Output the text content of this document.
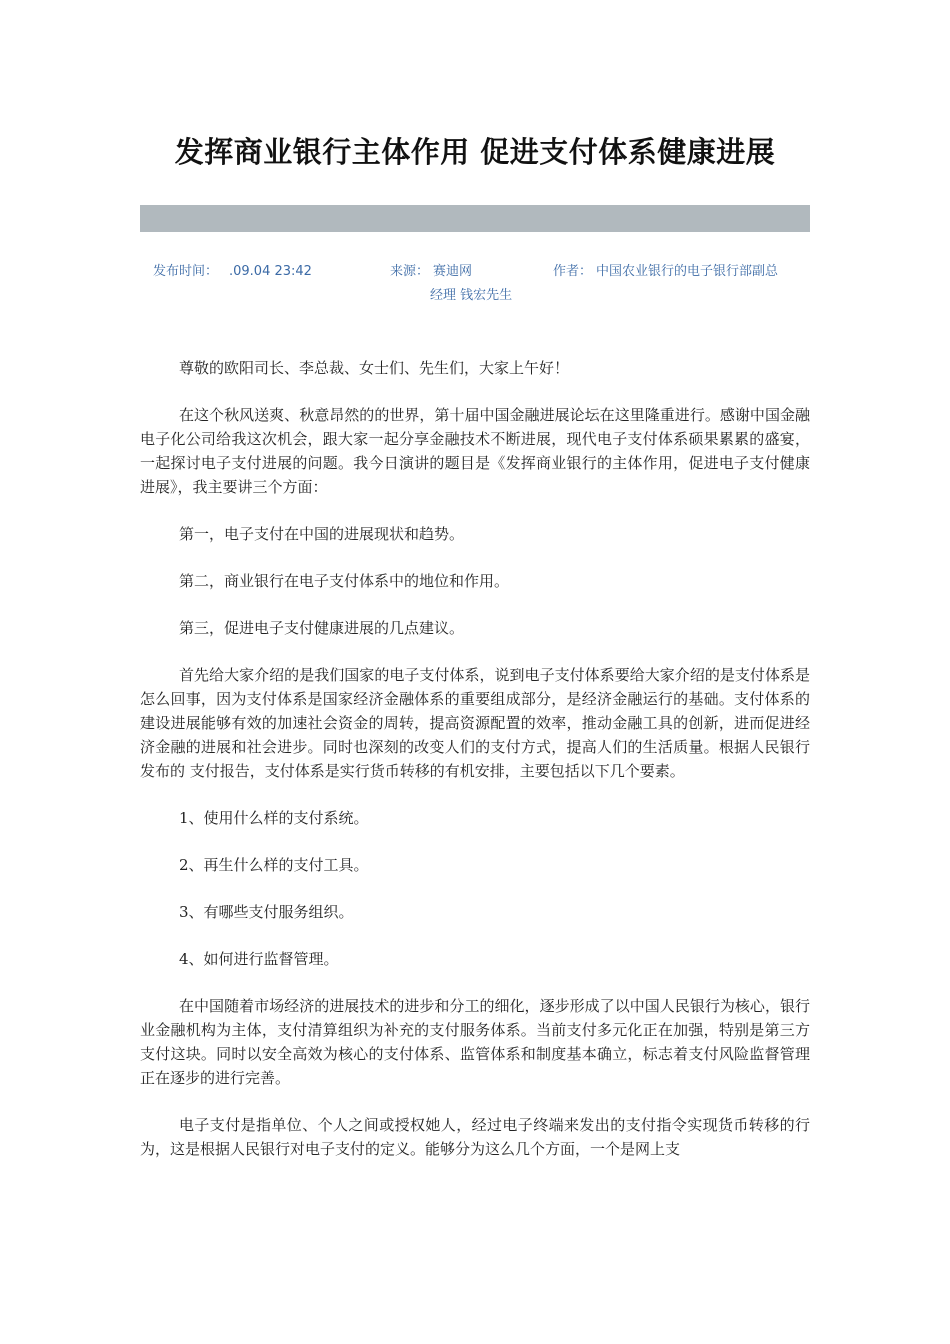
发挥商业银行主体作用 促进支付体系健康进展
发布时间： .09.04 23:42	来源： 赛迪网	作者： 中国农业银行的电子银行部副总
经理 钱宏先生

尊敬的欧阳司长、李总裁、女士们、先生们，大家上午好！

在这个秋风送爽、秋意昂然的的世界，第十届中国金融进展论坛在这里隆重进行。感谢中国金融电子化公司给我这次机会，跟大家一起分享金融技术不断进展，现代电子支付体系硕果累累的盛宴，一起探讨电子支付进展的问题。我今日演讲的题目是《发挥商业银行的主体作用，促进电子支付健康进展》，我主要讲三个方面：

第一，电子支付在中国的进展现状和趋势。

第二，商业银行在电子支付体系中的地位和作用。

第三，促进电子支付健康进展的几点建议。

首先给大家介绍的是我们国家的电子支付体系，说到电子支付体系要给大家介绍的是支付体系是怎么回事，因为支付体系是国家经济金融体系的重要组成部分，是经济金融运行的基础。支付体系的建设进展能够有效的加速社会资金的周转，提高资源配置的效率，推动金融工具的创新，进而促进经济金融的进展和社会进步。同时也深刻的改变人们的支付方式，提高人们的生活质量。根据人民银行发布的 支付报告，支付体系是实行货币转移的有机安排，主要包括以下几个要素。

1、使用什么样的支付系统。

2、再生什么样的支付工具。

3、有哪些支付服务组织。

4、如何进行监督管理。

在中国随着市场经济的进展技术的进步和分工的细化，逐步形成了以中国人民银行为核心，银行业金融机构为主体，支付清算组织为补充的支付服务体系。当前支付多元化正在加强，特别是第三方支付这块。同时以安全高效为核心的支付体系、监管体系和制度基本确立，标志着支付风险监督管理正在逐步的进行完善。

电子支付是指单位、个人之间或授权她人，经过电子终端来发出的支付指令实现货币转移的行为，这是根据人民银行对电子支付的定义。能够分为这么几个方面，一个是网上支
